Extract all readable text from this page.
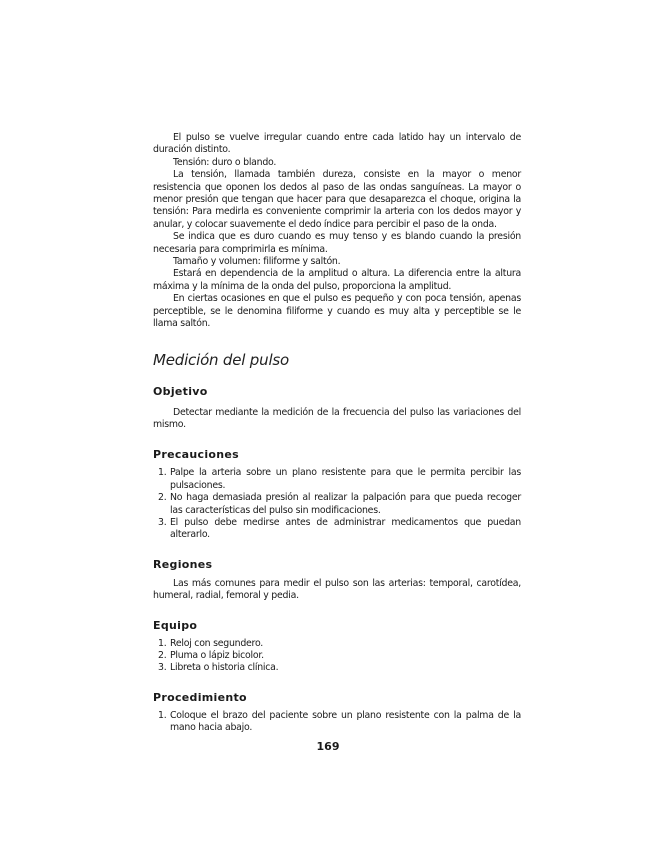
El pulso se vuelve irregular cuando entre cada latido hay un intervalo de duración distinto.

Tensión: duro o blando.

La tensión, llamada también dureza, consiste en la mayor o menor resistencia que oponen los dedos al paso de las ondas sanguíneas. La mayor o menor presión que tengan que hacer para que desaparezca el choque, origina la tensión: Para medirla es conveniente comprimir la arteria con los dedos mayor y anular, y colocar suavemente el dedo índice para percibir el paso de la onda.

Se indica que es duro cuando es muy tenso y es blando cuando la presión necesaria para comprimirla es mínima.

Tamaño y volumen: filiforme y saltón.

Estará en dependencia de la amplitud o altura. La diferencia entre la altura máxima y la mínima de la onda del pulso, proporciona la amplitud.

En ciertas ocasiones en que el pulso es pequeño y con poca tensión, apenas perceptible, se le denomina filiforme y cuando es muy alta y perceptible se le llama saltón.

Medición del pulso
Objetivo

Detectar mediante la medición de la frecuencia del pulso las variaciones del mismo.

Precauciones
1. Palpe la arteria sobre un plano resistente para que le permita percibir las pulsaciones.
2. No haga demasiada presión al realizar la palpación para que pueda recoger las características del pulso sin modificaciones.
3. El pulso debe medirse antes de administrar medicamentos que puedan alterarlo.
Regiones

Las más comunes para medir el pulso son las arterias: temporal, carotídea, humeral, radial, femoral y pedia.

Equipo
1. Reloj con segundero.
2. Pluma o lápiz bicolor.
3. Libreta o historia clínica.
Procedimiento
1. Coloque el brazo del paciente sobre un plano resistente con la palma de la mano hacia abajo.
169
